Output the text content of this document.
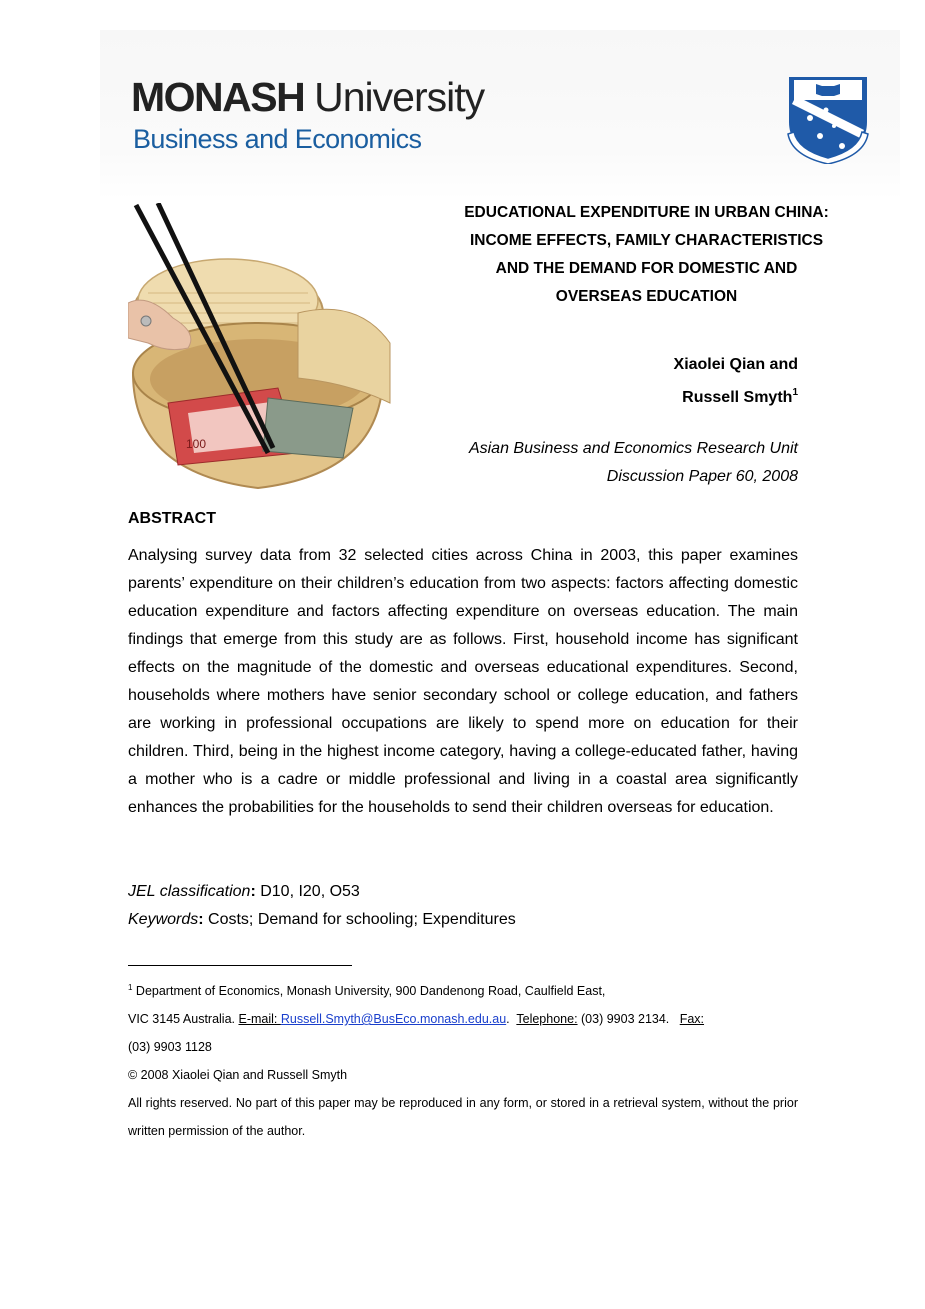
MONASH University
Business and Economics
100
EDUCATIONAL EXPENDITURE IN URBAN CHINA:
INCOME EFFECTS, FAMILY CHARACTERISTICS
AND THE DEMAND FOR DOMESTIC AND
OVERSEAS EDUCATION
Xiaolei Qian and
Russell Smyth$^1$
Asian Business and Economics Research Unit
Discussion Paper 60, 2008
ABSTRACT
Analysing survey data from 32 selected cities across China in 2003, this paper examines parents’ expenditure on their children’s education from two aspects: factors affecting domestic education expenditure and factors affecting expenditure on overseas education. The main findings that emerge from this study are as follows. First, household income has significant effects on the magnitude of the domestic and overseas educational expenditures. Second, households where mothers have senior secondary school or college education, and fathers are working in professional occupations are likely to spend more on education for their children. Third, being in the highest income category, having a college-educated father, having a mother who is a cadre or middle professional and living in a coastal area significantly enhances the probabilities for the households to send their children overseas for education.
JEL classification: D10, I20, O53
Keywords: Costs; Demand for schooling; Expenditures
$^1$ Department of Economics, Monash University, 900 Dandenong Road, Caulfield East,
VIC 3145 Australia. E-mail: Russell.Smyth@BusEco.monash.edu.au.  Telephone: (03) 9903 2134. Fax:
(03) 9903 1128
© 2008 Xiaolei Qian and Russell Smyth
All rights reserved. No part of this paper may be reproduced in any form, or stored in a retrieval system, without the prior written permission of the author.
